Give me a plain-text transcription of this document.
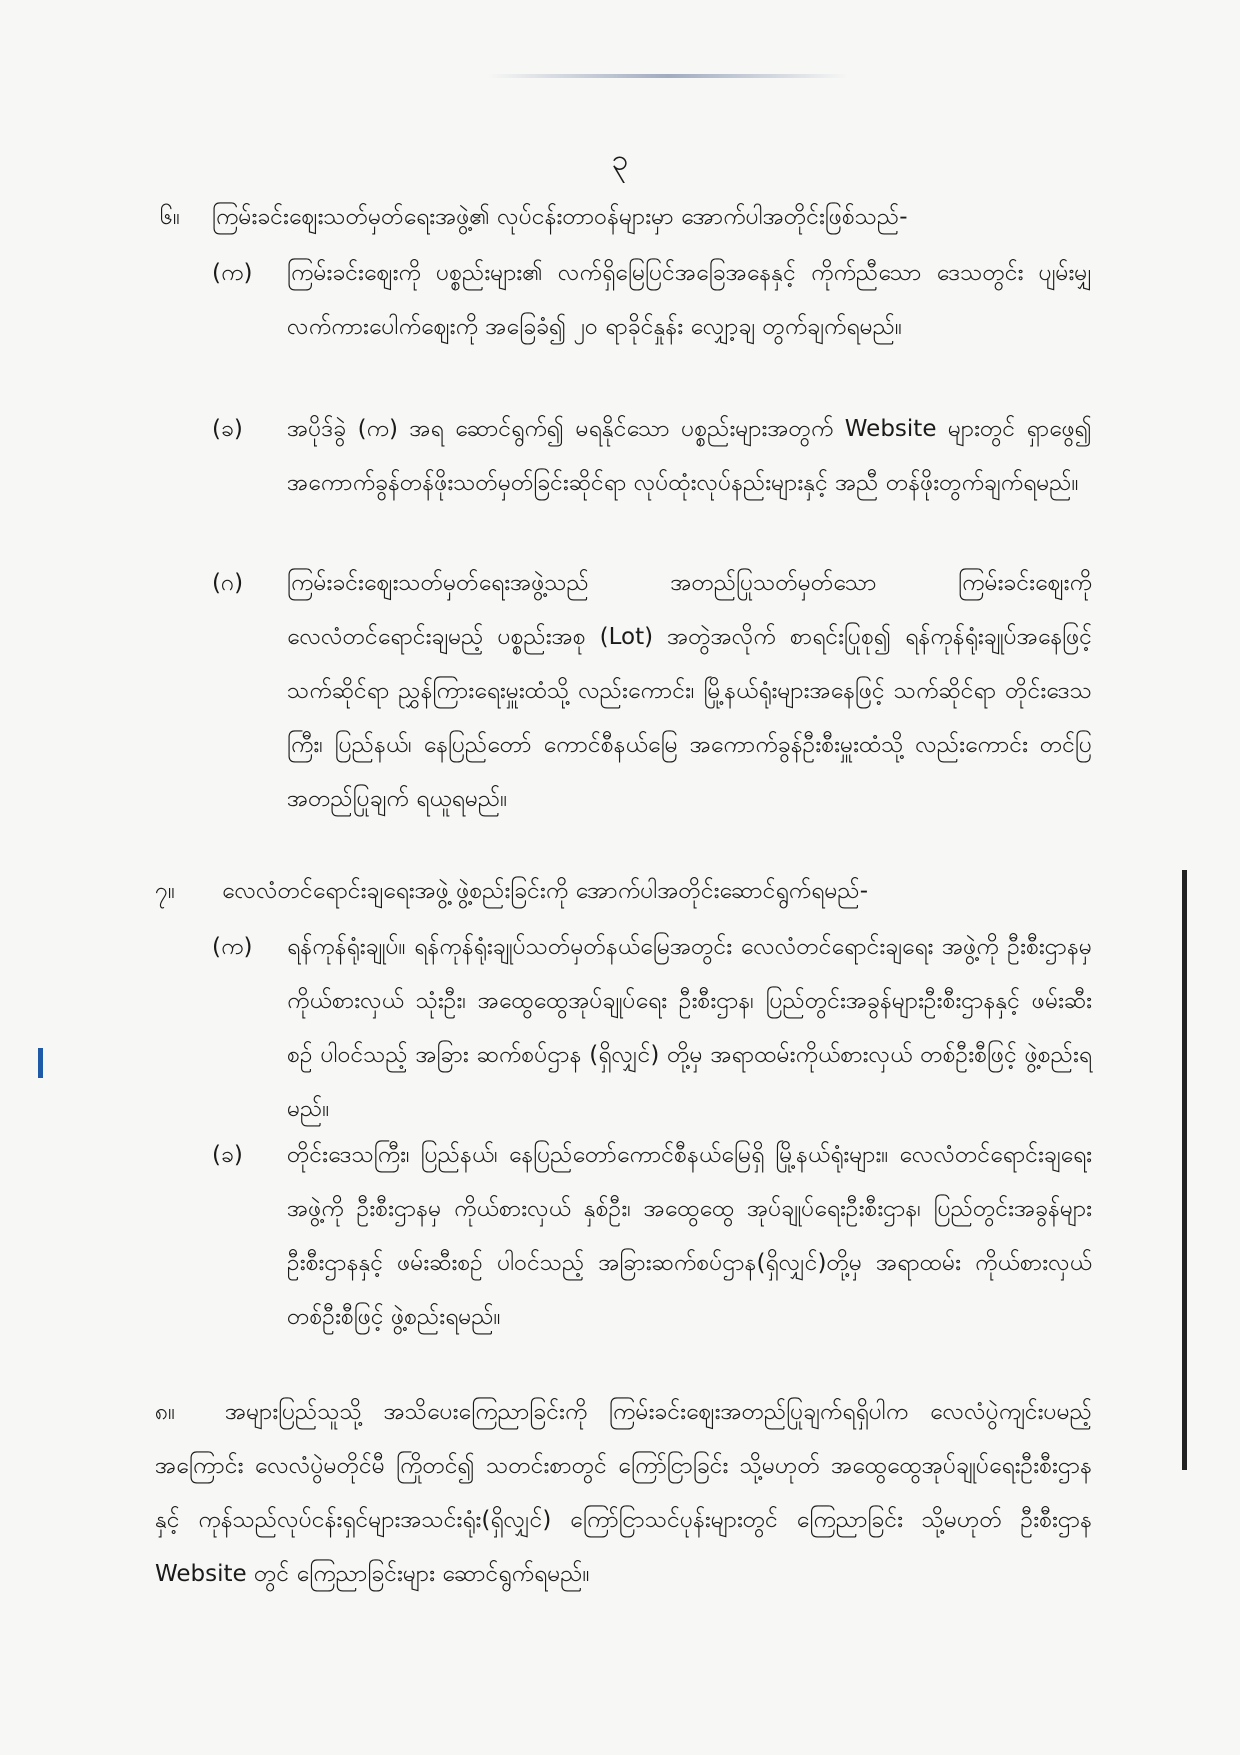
၃
၆။ ကြမ်းခင်းဈေးသတ်မှတ်ရေးအဖွဲ့၏ လုပ်ငန်းတာဝန်များမှာ အောက်ပါအတိုင်းဖြစ်သည်-
(က) ကြမ်းခင်းဈေးကို ပစ္စည်းများ၏ လက်ရှိမြေပြင်အခြေအနေနှင့် ကိုက်ညီသော ဒေသတွင်း ပျမ်းမျှလက်ကားပေါက်ဈေးကို အခြေခံ၍ ၂၀ ရာခိုင်နှုန်း လျှော့ချ တွက်ချက်ရမည်။
(ခ) အပိုဒ်ခွဲ (က) အရ ဆောင်ရွက်၍ မရနိုင်သော ပစ္စည်းများအတွက် Website များတွင် ရှာဖွေ၍ အကောက်ခွန်တန်ဖိုးသတ်မှတ်ခြင်းဆိုင်ရာ လုပ်ထုံးလုပ်နည်းများနှင့် အညီ တန်ဖိုးတွက်ချက်ရမည်။
(ဂ) ကြမ်းခင်းဈေးသတ်မှတ်ရေးအဖွဲ့သည် အတည်ပြုသတ်မှတ်သော ကြမ်းခင်းဈေးကို လေလံတင်ရောင်းချမည့် ပစ္စည်းအစု (Lot) အတွဲအလိုက် စာရင်းပြုစု၍ ရန်ကုန်ရုံးချုပ်အနေဖြင့် သက်ဆိုင်ရာ ညွှန်ကြားရေးမှူးထံသို့ လည်းကောင်း၊ မြို့နယ်ရုံးများအနေဖြင့် သက်ဆိုင်ရာ တိုင်းဒေသကြီး၊ ပြည်နယ်၊ နေပြည်တော် ကောင်စီနယ်မြေ အကောက်ခွန်ဦးစီးမှူးထံသို့ လည်းကောင်း တင်ပြအတည်ပြုချက် ရယူရမည်။
၇။ လေလံတင်ရောင်းချရေးအဖွဲ့ ဖွဲ့စည်းခြင်းကို အောက်ပါအတိုင်းဆောင်ရွက်ရမည်-
(က) ရန်ကုန်ရုံးချုပ်။ ရန်ကုန်ရုံးချုပ်သတ်မှတ်နယ်မြေအတွင်း လေလံတင်ရောင်းချရေး အဖွဲ့ကို ဦးစီးဌာနမှ ကိုယ်စားလှယ် သုံးဦး၊ အထွေထွေအုပ်ချုပ်ရေး ဦးစီးဌာန၊ ပြည်တွင်းအခွန်များဦးစီးဌာနနှင့် ဖမ်းဆီးစဉ် ပါဝင်သည့် အခြား ဆက်စပ်ဌာန (ရှိလျှင်) တို့မှ အရာထမ်းကိုယ်စားလှယ် တစ်ဦးစီဖြင့် ဖွဲ့စည်းရမည်။
(ခ) တိုင်းဒေသကြီး၊ ပြည်နယ်၊ နေပြည်တော်ကောင်စီနယ်မြေရှိ မြို့နယ်ရုံးများ။ လေလံတင်ရောင်းချရေးအဖွဲ့ကို ဦးစီးဌာနမှ ကိုယ်စားလှယ် နှစ်ဦး၊ အထွေထွေ အုပ်ချုပ်ရေးဦးစီးဌာန၊ ပြည်တွင်းအခွန်များဦးစီးဌာနနှင့် ဖမ်းဆီးစဉ် ပါဝင်သည့် အခြားဆက်စပ်ဌာန(ရှိလျှင်)တို့မှ အရာထမ်း ကိုယ်စားလှယ် တစ်ဦးစီဖြင့် ဖွဲ့စည်းရမည်။
၈။ အများပြည်သူသို့ အသိပေးကြေညာခြင်းကို ကြမ်းခင်းဈေးအတည်ပြုချက်ရရှိပါက လေလံပွဲကျင်းပမည့်အကြောင်း လေလံပွဲမတိုင်မီ ကြိုတင်၍ သတင်းစာတွင် ကြော်ငြာခြင်း သို့မဟုတ် အထွေထွေအုပ်ချုပ်ရေးဦးစီးဌာနနှင့် ကုန်သည်လုပ်ငန်းရှင်များအသင်းရုံး(ရှိလျှင်) ကြော်ငြာသင်ပုန်းများတွင် ကြေညာခြင်း သို့မဟုတ် ဦးစီးဌာန Website တွင် ကြေညာခြင်းများ ဆောင်ရွက်ရမည်။
